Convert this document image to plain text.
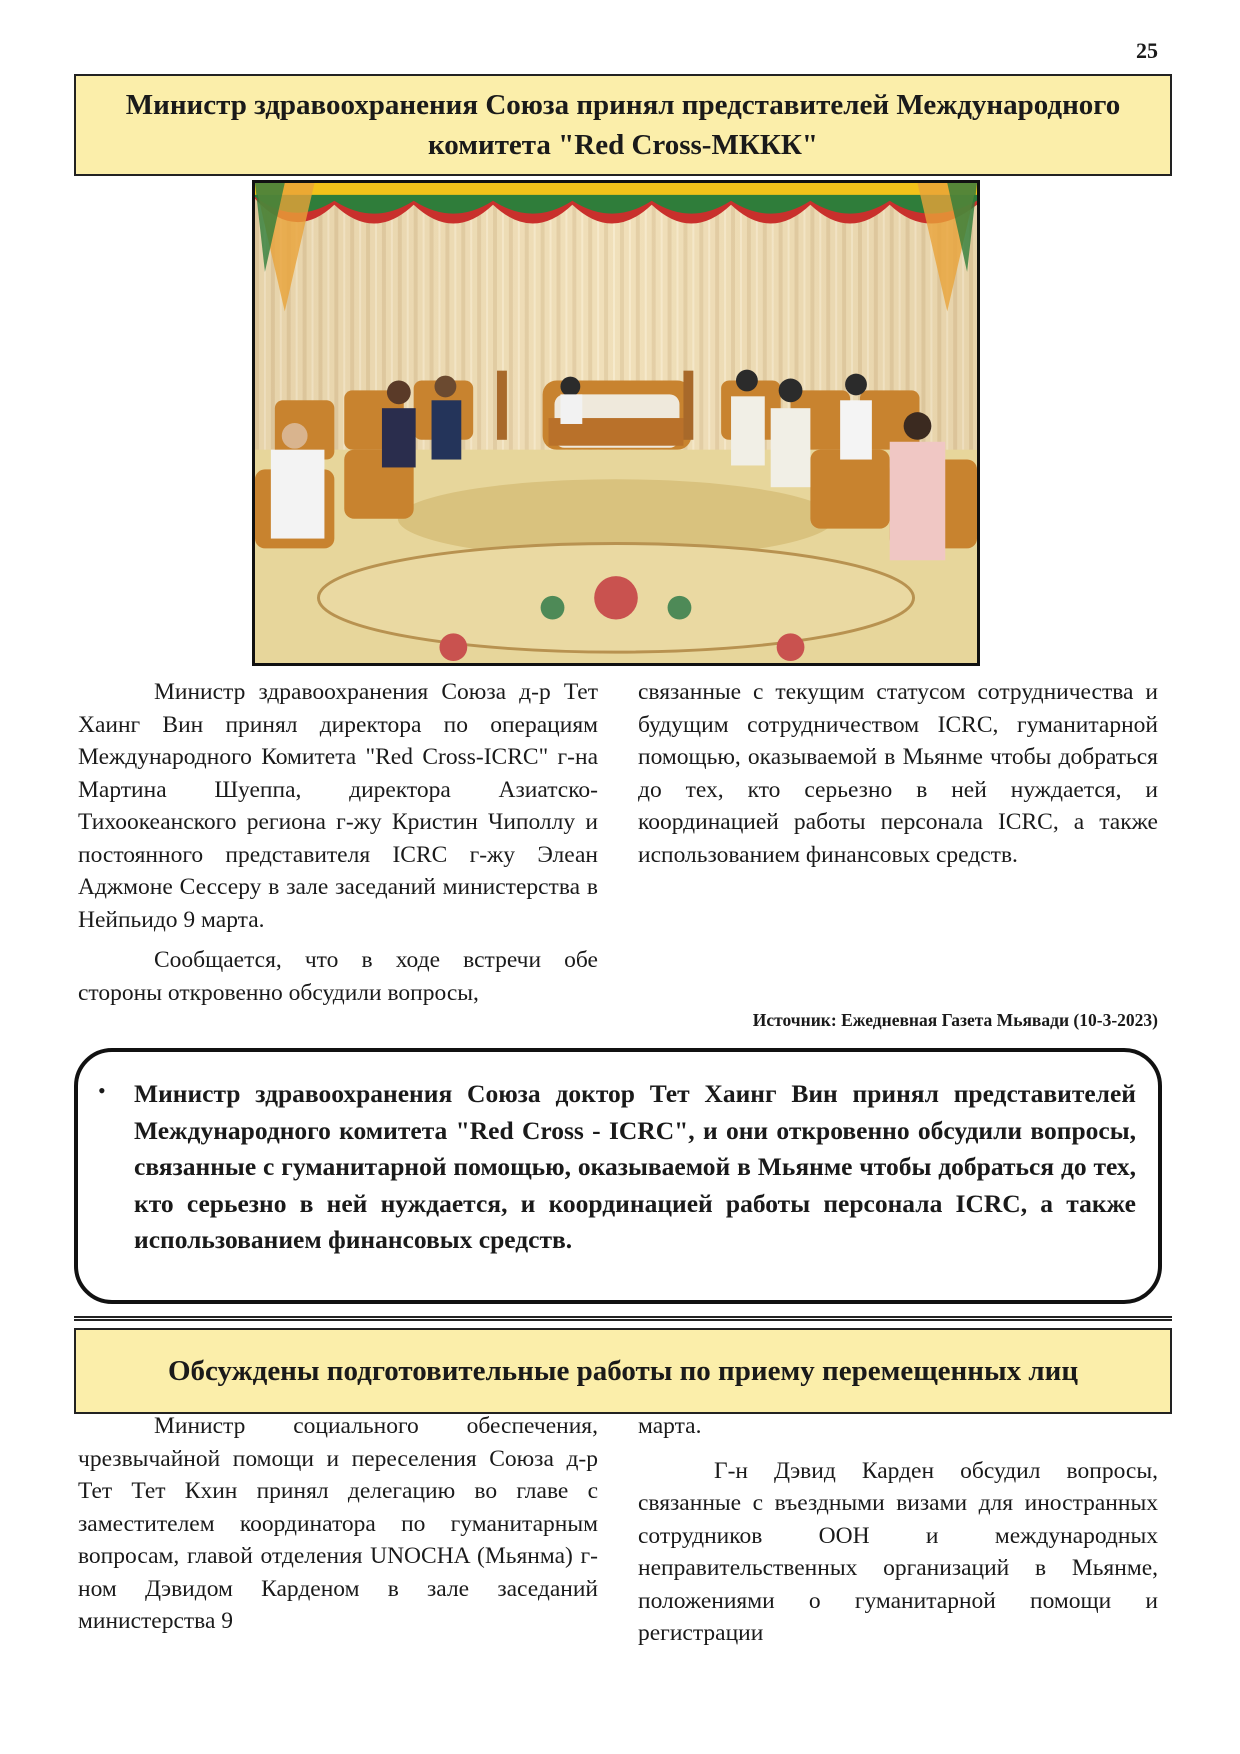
25
Министр здравоохранения Союза принял представителей Международного комитета "Red Cross-МККК"

Министр здравоохранения Союза д-р Тет Хаинг Вин принял директора по операциям Международного Комитета "Red Cross-ICRC" г-на Мартина Шуеппа, директора Азиатско-Тихоокеанского региона г-жу Кристин Чиполлу и постоянного представителя ICRC г-жу Элеан Аджмоне Сессеру в зале заседаний министерства в Нейпьидо 9 марта.

Сообщается, что в ходе встречи обе стороны откровенно обсудили вопросы,

связанные с текущим статусом сотрудничества и будущим сотрудничеством ICRC, гуманитарной помощью, оказываемой в Мьянме чтобы добраться до тех, кто серьезно в ней нуждается, и координацией работы персонала ICRC, а также использованием финансовых средств.

Источник: Ежедневная Газета Мьявади (10-3-2023)
• Министр здравоохранения Союза доктор Тет Хаинг Вин принял представителей Международного комитета "Red Cross - ICRC", и они откровенно обсудили вопросы, связанные с гуманитарной помощью, оказываемой в Мьянме чтобы добраться до тех, кто серьезно в ней нуждается, и координацией работы персонала ICRC, а также использованием финансовых средств.
Обсуждены подготовительные работы по приему перемещенных лиц

Министр социального обеспечения, чрезвычайной помощи и переселения Союза д-р Тет Тет Кхин принял делегацию во главе с заместителем координатора по гуманитарным вопросам, главой отделения UNOCHA (Мьянма) г-ном Дэвидом Карденом в зале заседаний министерства 9

марта.

Г-н Дэвид Карден обсудил вопросы, связанные с въездными визами для иностранных сотрудников ООН и международных неправительственных организаций в Мьянме, положениями о гуманитарной помощи и регистрации
